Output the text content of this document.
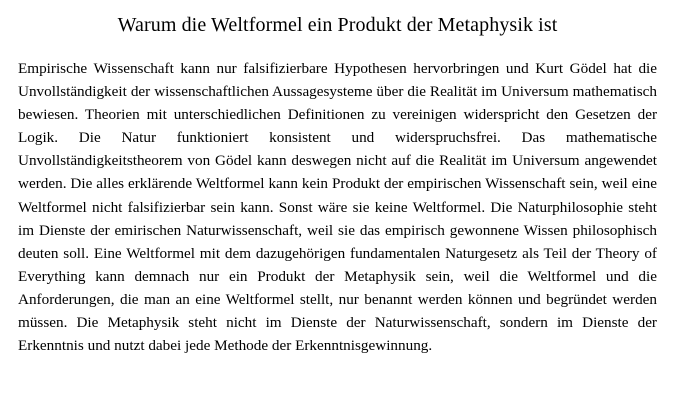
Warum die Weltformel ein Produkt der Metaphysik ist

Empirische Wissenschaft kann nur falsifizierbare Hypothesen hervorbringen und Kurt Gödel hat die Unvollständigkeit der wissenschaftlichen Aussagesysteme über die Realität im Universum mathematisch bewiesen. Theorien mit unterschiedlichen Definitionen zu vereinigen widerspricht den Gesetzen der Logik. Die Natur funktioniert konsistent und widerspruchsfrei. Das mathematische Unvollständigkeitstheorem von Gödel kann deswegen nicht auf die Realität im Universum angewendet werden. Die alles erklärende Weltformel kann kein Produkt der empirischen Wissenschaft sein, weil eine Weltformel nicht falsifizierbar sein kann. Sonst wäre sie keine Weltformel. Die Naturphilosophie steht im Dienste der emirischen Naturwissenschaft, weil sie das empirisch gewonnene Wissen philosophisch deuten soll. Eine Weltformel mit dem dazugehörigen fundamentalen Naturgesetz als Teil der Theory of Everything kann demnach nur ein Produkt der Metaphysik sein, weil die Weltformel und die Anforderungen, die man an eine Weltformel stellt, nur benannt werden können und begründet werden müssen. Die Metaphysik steht nicht im Dienste der Naturwissenschaft, sondern im Dienste der Erkenntnis und nutzt dabei jede Methode der Erkenntnisgewinnung.
